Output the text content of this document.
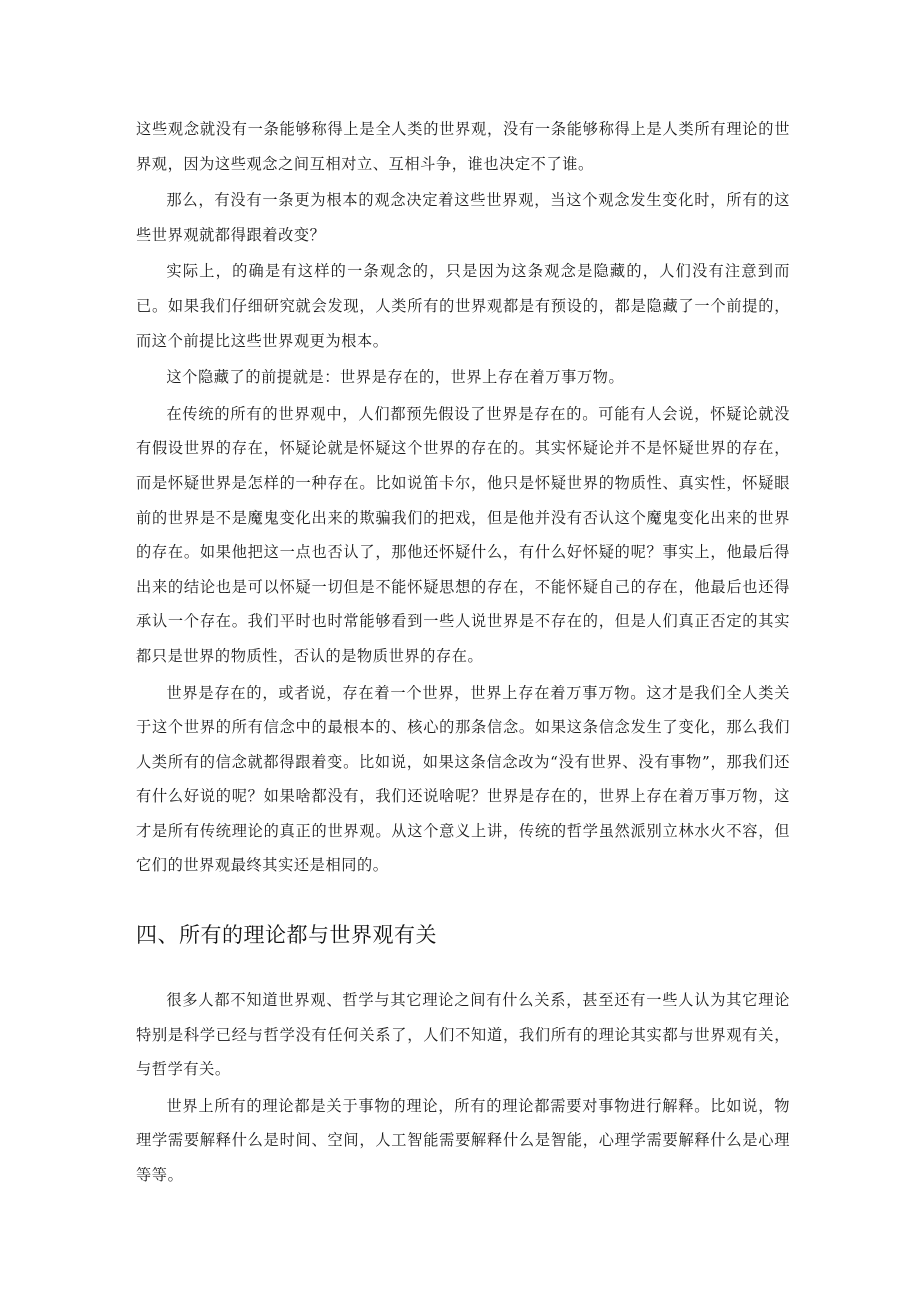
这些观念就没有一条能够称得上是全人类的世界观，没有一条能够称得上是人类所有理论的世界观，因为这些观念之间互相对立、互相斗争，谁也决定不了谁。

那么，有没有一条更为根本的观念决定着这些世界观，当这个观念发生变化时，所有的这些世界观就都得跟着改变？

实际上，的确是有这样的一条观念的，只是因为这条观念是隐藏的，人们没有注意到而已。如果我们仔细研究就会发现，人类所有的世界观都是有预设的，都是隐藏了一个前提的，而这个前提比这些世界观更为根本。

这个隐藏了的前提就是：世界是存在的，世界上存在着万事万物。

在传统的所有的世界观中，人们都预先假设了世界是存在的。可能有人会说，怀疑论就没有假设世界的存在，怀疑论就是怀疑这个世界的存在的。其实怀疑论并不是怀疑世界的存在，而是怀疑世界是怎样的一种存在。比如说笛卡尔，他只是怀疑世界的物质性、真实性，怀疑眼前的世界是不是魔鬼变化出来的欺骗我们的把戏，但是他并没有否认这个魔鬼变化出来的世界的存在。如果他把这一点也否认了，那他还怀疑什么，有什么好怀疑的呢？事实上，他最后得出来的结论也是可以怀疑一切但是不能怀疑思想的存在，不能怀疑自己的存在，他最后也还得承认一个存在。我们平时也时常能够看到一些人说世界是不存在的，但是人们真正否定的其实都只是世界的物质性，否认的是物质世界的存在。

世界是存在的，或者说，存在着一个世界，世界上存在着万事万物。这才是我们全人类关于这个世界的所有信念中的最根本的、核心的那条信念。如果这条信念发生了变化，那么我们人类所有的信念就都得跟着变。比如说，如果这条信念改为“没有世界、没有事物”，那我们还有什么好说的呢？如果啥都没有，我们还说啥呢？世界是存在的，世界上存在着万事万物，这才是所有传统理论的真正的世界观。从这个意义上讲，传统的哲学虽然派别立林水火不容，但它们的世界观最终其实还是相同的。

四、所有的理论都与世界观有关

很多人都不知道世界观、哲学与其它理论之间有什么关系，甚至还有一些人认为其它理论特别是科学已经与哲学没有任何关系了，人们不知道，我们所有的理论其实都与世界观有关，与哲学有关。

世界上所有的理论都是关于事物的理论，所有的理论都需要对事物进行解释。比如说，物理学需要解释什么是时间、空间，人工智能需要解释什么是智能，心理学需要解释什么是心理等等。
